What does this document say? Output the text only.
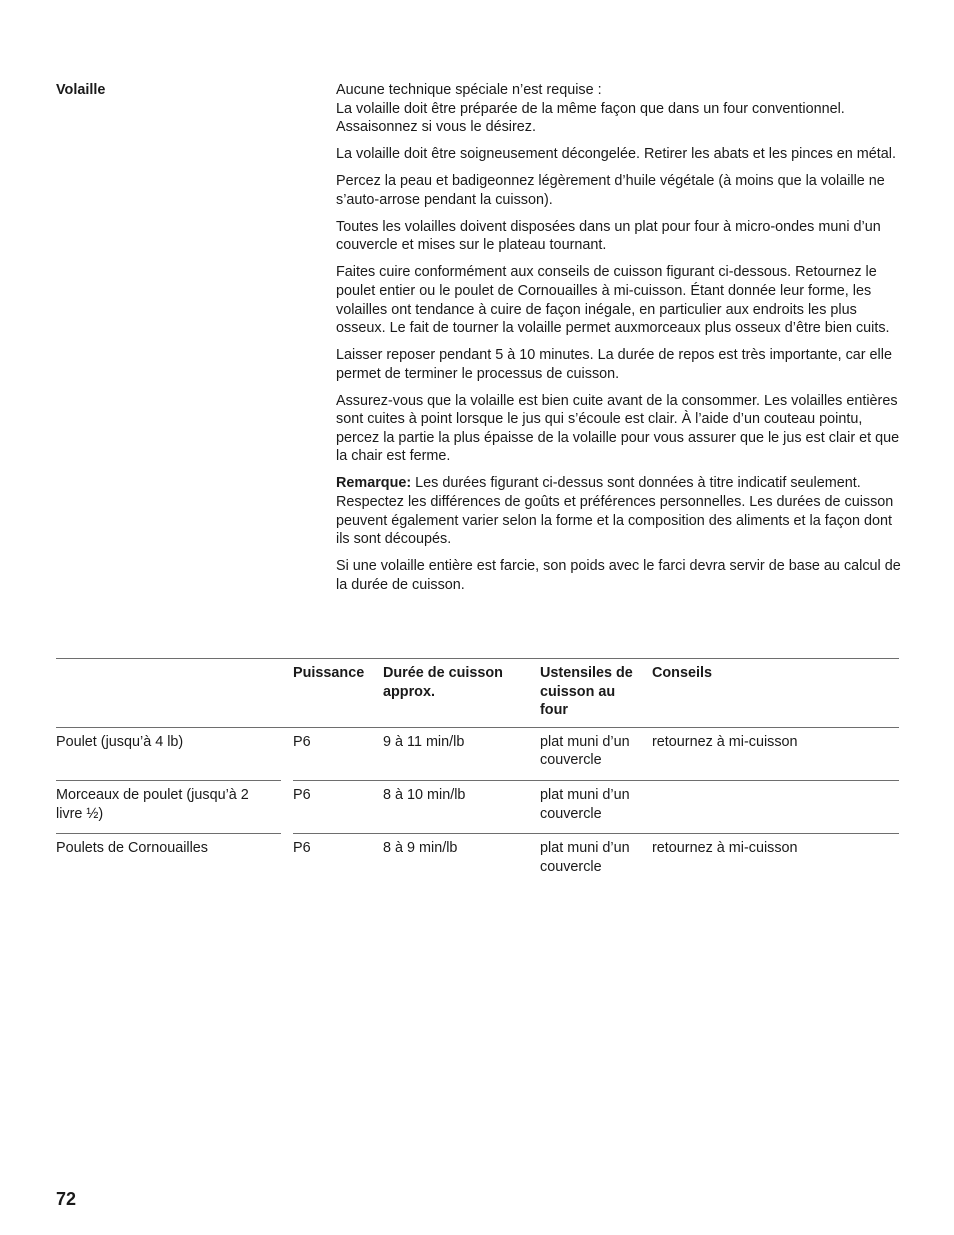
Volaille	Aucune technique spéciale n’est requise :
La volaille doit être préparée de la même façon que dans un four conventionnel.
Assaisonnez si vous le désirez.

La volaille doit être soigneusement décongelée. Retirer les abats et les pinces en métal.

Percez la peau et badigeonnez légèrement d’huile végétale (à moins que la volaille ne s’auto-arrose pendant la cuisson).

Toutes les volailles doivent disposées dans un plat pour four à micro-ondes muni d’un couvercle et mises sur le plateau tournant.

Faites cuire conformément aux conseils de cuisson figurant ci-dessous. Retournez le poulet entier ou le poulet de Cornouailles à mi-cuisson. Étant donnée leur forme, les volailles ont tendance à cuire de façon inégale, en particulier aux endroits les plus osseux. Le fait de tourner la volaille permet auxmorceaux plus osseux d’être bien cuits.

Laisser reposer pendant 5 à 10 minutes. La durée de repos est très importante, car elle permet de terminer le processus de cuisson.

Assurez-vous que la volaille est bien cuite avant de la consommer. Les volailles entières sont cuites à point lorsque le jus qui s’écoule est clair. À l’aide d’un couteau pointu, percez la partie la plus épaisse de la volaille pour vous assurer que le jus est clair et que la chair est ferme.

Remarque: Les durées figurant ci-dessus sont données à titre indicatif seulement. Respectez les différences de goûts et préférences personnelles. Les durées de cuisson peuvent également varier selon la forme et la composition des aliments et la façon dont ils sont découpés.

Si une volaille entière est farcie, son poids avec le farci devra servir de base au calcul de la durée de cuisson.

		Puissance	Durée de cuisson approx.	Ustensiles de cuisson au four	Conseils
Poulet (jusqu’à 4 lb)		P6	9 à 11 min/lb	plat muni d’un couvercle	retournez à mi-cuisson
Morceaux de poulet (jusqu’à 2 livre ½)		P6	8 à 10 min/lb	plat muni d’un couvercle	
Poulets de Cornouailles		P6	8 à 9 min/lb	plat muni d’un couvercle	retournez à mi-cuisson
72
